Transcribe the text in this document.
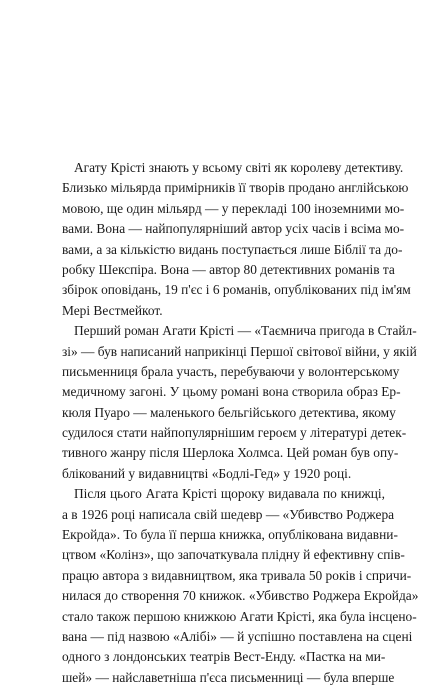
Агату Крісті знають у всьому світі як королеву детективу.
Близько мільярда примірників її творів продано англійською
мовою, ще один мільярд — у перекладі 100 іноземними мо-
вами. Вона — найпопулярніший автор усіх часів і всіма мо-
вами, а за кількістю видань поступається лише Біблії та до-
робку Шекспіра. Вона — автор 80 детективних романів та
збірок оповідань, 19 п'єс і 6 романів, опублікованих під ім'ям
Мері Вестмейкот.
Перший роман Агати Крісті — «Таємнича пригода в Стайл-
зі» — був написаний наприкінці Першої світової війни, у якій
письменниця брала участь, перебуваючи у волонтерському
медичному загоні. У цьому романі вона створила образ Ер-
кюля Пуаро — маленького бельгійського детектива, якому
судилося стати найпопулярнішим героєм у літературі детек-
тивного жанру після Шерлока Холмса. Цей роман був опу-
блікований у видавництві «Бодлі-Гед» у 1920 році.
Після цього Агата Крісті щороку видавала по книжці,
а в 1926 році написала свій шедевр — «Убивство Роджера
Екройда». То була її перша книжка, опублікована видавни-
цтвом «Колінз», що започаткувала плідну й ефективну спів-
працю автора з видавництвом, яка тривала 50 років і спричи-
нилася до створення 70 книжок. «Убивство Роджера Екройда»
стало також першою книжкою Агати Крісті, яка була інсцено-
вана — під назвою «Алібі» — й успішно поставлена на сцені
одного з лондонських театрів Вест-Енду. «Пастка на ми-
шей» — найславетніша п'єса письменниці — була вперше
